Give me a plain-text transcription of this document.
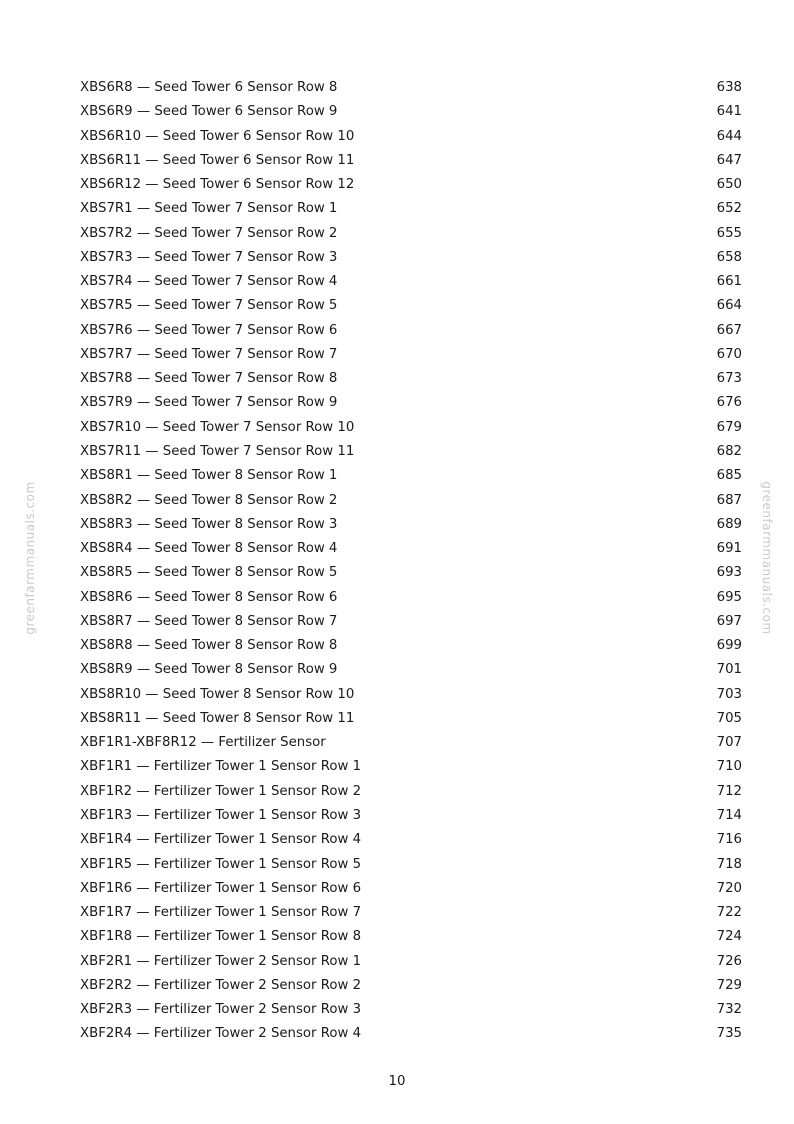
greenfarmmanuals.com	greenfarmmanuals.com
XBS6R8 — Seed Tower 6 Sensor Row 8	638
XBS6R9 — Seed Tower 6 Sensor Row 9	641
XBS6R10 — Seed Tower 6 Sensor Row 10	644
XBS6R11 — Seed Tower 6 Sensor Row 11	647
XBS6R12 — Seed Tower 6 Sensor Row 12	650
XBS7R1 — Seed Tower 7 Sensor Row 1	652
XBS7R2 — Seed Tower 7 Sensor Row 2	655
XBS7R3 — Seed Tower 7 Sensor Row 3	658
XBS7R4 — Seed Tower 7 Sensor Row 4	661
XBS7R5 — Seed Tower 7 Sensor Row 5	664
XBS7R6 — Seed Tower 7 Sensor Row 6	667
XBS7R7 — Seed Tower 7 Sensor Row 7	670
XBS7R8 — Seed Tower 7 Sensor Row 8	673
XBS7R9 — Seed Tower 7 Sensor Row 9	676
XBS7R10 — Seed Tower 7 Sensor Row 10	679
XBS7R11 — Seed Tower 7 Sensor Row 11	682
XBS8R1 — Seed Tower 8 Sensor Row 1	685
XBS8R2 — Seed Tower 8 Sensor Row 2	687
XBS8R3 — Seed Tower 8 Sensor Row 3	689
XBS8R4 — Seed Tower 8 Sensor Row 4	691
XBS8R5 — Seed Tower 8 Sensor Row 5	693
XBS8R6 — Seed Tower 8 Sensor Row 6	695
XBS8R7 — Seed Tower 8 Sensor Row 7	697
XBS8R8 — Seed Tower 8 Sensor Row 8	699
XBS8R9 — Seed Tower 8 Sensor Row 9	701
XBS8R10 — Seed Tower 8 Sensor Row 10	703
XBS8R11 — Seed Tower 8 Sensor Row 11	705
XBF1R1-XBF8R12 — Fertilizer Sensor	707
XBF1R1 — Fertilizer Tower 1 Sensor Row 1	710
XBF1R2 — Fertilizer Tower 1 Sensor Row 2	712
XBF1R3 — Fertilizer Tower 1 Sensor Row 3	714
XBF1R4 — Fertilizer Tower 1 Sensor Row 4	716
XBF1R5 — Fertilizer Tower 1 Sensor Row 5	718
XBF1R6 — Fertilizer Tower 1 Sensor Row 6	720
XBF1R7 — Fertilizer Tower 1 Sensor Row 7	722
XBF1R8 — Fertilizer Tower 1 Sensor Row 8	724
XBF2R1 — Fertilizer Tower 2 Sensor Row 1	726
XBF2R2 — Fertilizer Tower 2 Sensor Row 2	729
XBF2R3 — Fertilizer Tower 2 Sensor Row 3	732
XBF2R4 — Fertilizer Tower 2 Sensor Row 4	735
10
